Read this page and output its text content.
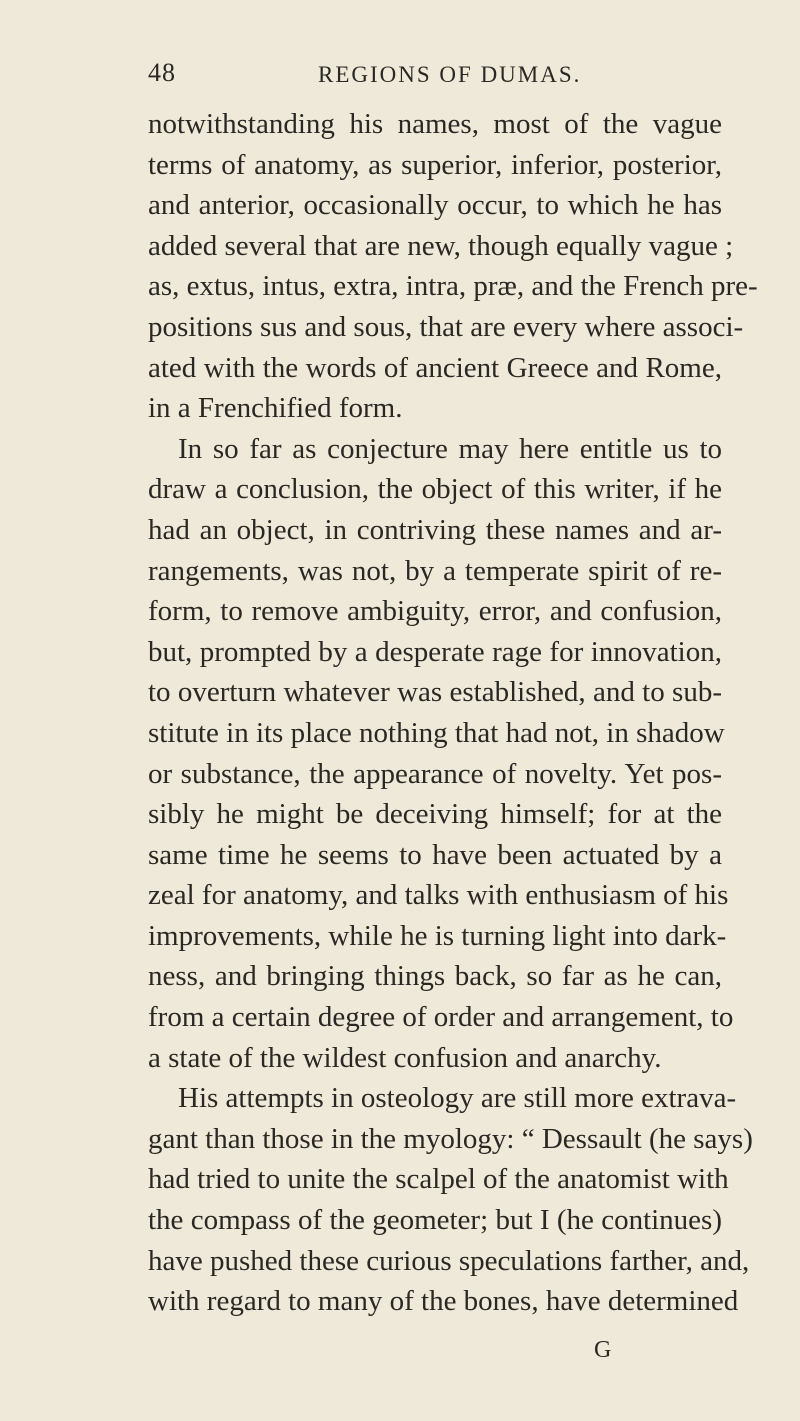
48	REGIONS OF DUMAS.
notwithstanding his names, most of the vague
terms of anatomy, as superior, inferior, posterior,
and anterior, occasionally occur, to which he has
added several that are new, though equally vague ;
as, extus, intus, extra, intra, præ, and the French pre-
positions sus and sous, that are every where associ-
ated with the words of ancient Greece and Rome,
in a Frenchified form.
In so far as conjecture may here entitle us to
draw a conclusion, the object of this writer, if he
had an object, in contriving these names and ar-
rangements, was not, by a temperate spirit of re-
form, to remove ambiguity, error, and confusion,
but, prompted by a desperate rage for innovation,
to overturn whatever was established, and to sub-
stitute in its place nothing that had not, in shadow
or substance, the appearance of novelty. Yet pos-
sibly he might be deceiving himself; for at the
same time he seems to have been actuated by a
zeal for anatomy, and talks with enthusiasm of his
improvements, while he is turning light into dark-
ness, and bringing things back, so far as he can,
from a certain degree of order and arrangement, to
a state of the wildest confusion and anarchy.
His attempts in osteology are still more extrava-
gant than those in the myology: “ Dessault (he says)
had tried to unite the scalpel of the anatomist with
the compass of the geometer; but I (he continues)
have pushed these curious speculations farther, and,
with regard to many of the bones, have determined
G
